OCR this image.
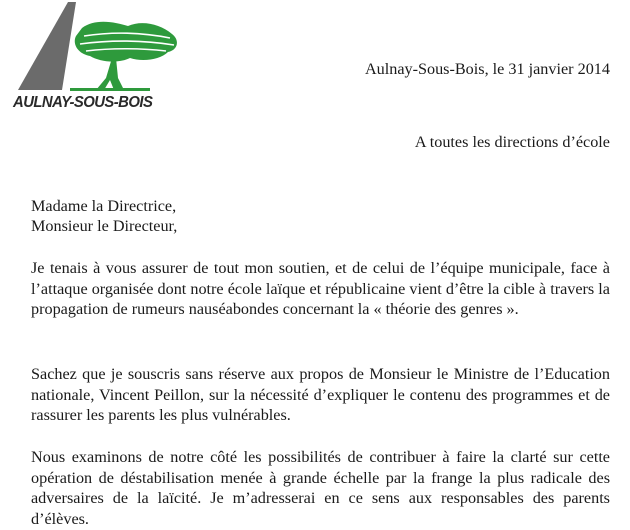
AULNAY-SOUS-BOIS
Aulnay-Sous-Bois, le 31 janvier 2014
A toutes les directions d’école
Madame la Directrice,
Monsieur le Directeur,

Je tenais à vous assurer de tout mon soutien, et de celui de l’équipe municipale, face à l’attaque organisée dont notre école laïque et républicaine vient d’être la cible à travers la propagation de rumeurs nauséabondes concernant la « théorie des genres ».

Sachez que je souscris sans réserve aux propos de Monsieur le Ministre de l’Education nationale, Vincent Peillon, sur la nécessité d’expliquer le contenu des programmes et de rassurer les parents les plus vulnérables.

Nous examinons de notre côté les possibilités de contribuer à faire la clarté sur cette opération de déstabilisation menée à grande échelle par la frange la plus radicale des adversaires de la laïcité. Je m’adresserai en ce sens aux responsables des parents d’élèves.
